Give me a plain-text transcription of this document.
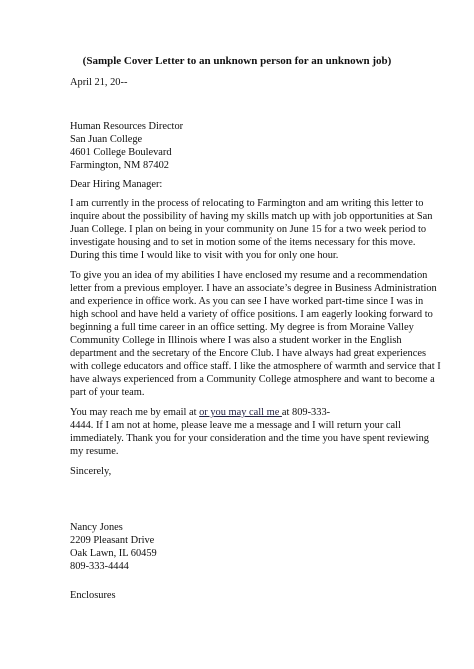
(Sample Cover Letter to an unknown person for an unknown job)
April 21, 20--
Human Resources Director
San Juan College
4601 College Boulevard
Farmington, NM 87402
Dear Hiring Manager:
I am currently in the process of relocating to Farmington and am writing this letter to
inquire about the possibility of having my skills match up with job opportunities at San
Juan College. I plan on being in your community on June 15 for a two week period to
investigate housing and to set in motion some of the items necessary for this move.
During this time I would like to visit with you for only one hour.
To give you an idea of my abilities I have enclosed my resume and a recommendation
letter from a previous employer. I have an associate’s degree in Business Administration
and experience in office work. As you can see I have worked part-time since I was in
high school and have held a variety of office positions. I am eagerly looking forward to
beginning a full time career in an office setting. My degree is from Moraine Valley
Community College in Illinois where I was also a student worker in the English
department and the secretary of the Encore Club. I have always had great experiences
with college educators and office staff. I like the atmosphere of warmth and service that I
have always experienced from a Community College atmosphere and want to become a
part of your team.
You may reach me by email at or you may call me at 809-333-
4444. If I am not at home, please leave me a message and I will return your call
immediately. Thank you for your consideration and the time you have spent reviewing
my resume.
Sincerely,
Nancy Jones
2209 Pleasant Drive
Oak Lawn, IL 60459
809-333-4444
Enclosures
